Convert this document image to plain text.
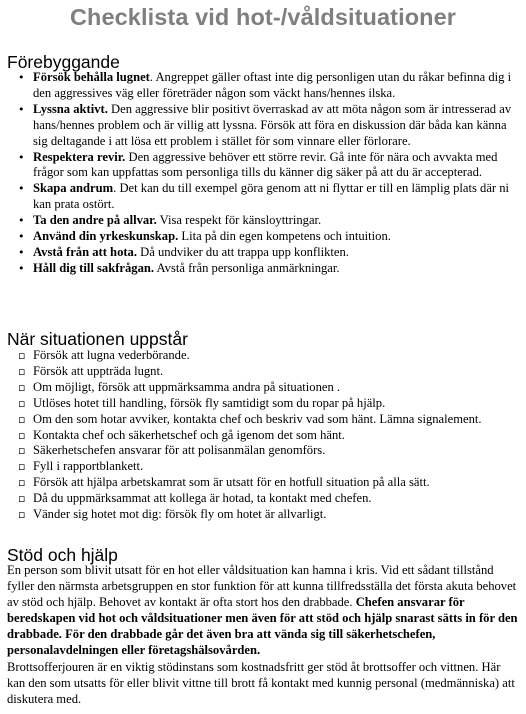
Checklista vid hot-/våldsituationer
Förebyggande
• Försök behålla lugnet. Angreppet gäller oftast inte dig personligen utan du råkar befinna dig i den aggressives väg eller företräder någon som väckt hans/hennes ilska.
• Lyssna aktivt. Den aggressive blir positivt överraskad av att möta någon som är intresserad av hans/hennes problem och är villig att lyssna. Försök att föra en diskussion där båda kan känna sig deltagande i att lösa ett problem i stället för som vinnare eller förlorare.
• Respektera revir. Den aggressive behöver ett större revir. Gå inte för nära och avvakta med frågor som kan uppfattas som personliga tills du känner dig säker på att du är accepterad.
• Skapa andrum. Det kan du till exempel göra genom att ni flyttar er till en lämplig plats där ni kan prata ostört.
• Ta den andre på allvar. Visa respekt för känsloyttringar.
• Använd din yrkeskunskap. Lita på din egen kompetens och intuition.
• Avstå från att hota. Då undviker du att trappa upp konflikten.
• Håll dig till sakfrågan. Avstå från personliga anmärkningar.
När situationen uppstår
▫ Försök att lugna vederbörande.
▫ Försök att uppträda lugnt.
▫ Om möjligt, försök att uppmärksamma andra på situationen .
▫ Utlöses hotet till handling, försök fly samtidigt som du ropar på hjälp.
▫ Om den som hotar avviker, kontakta chef och beskriv vad som hänt. Lämna signalement.
▫ Kontakta chef och säkerhetschef och gå igenom det som hänt.
▫ Säkerhetschefen ansvarar för att polisanmälan genomförs.
▫ Fyll i rapportblankett.
▫ Försök att hjälpa arbetskamrat som är utsatt för en hotfull situation på alla sätt.
▫ Då du uppmärksammat att kollega är hotad, ta kontakt med chefen.
▫ Vänder sig hotet mot dig: försök fly om hotet är allvarligt.
Stöd och hjälp

En person som blivit utsatt för en hot eller våldsituation kan hamna i kris. Vid ett sådant tillstånd fyller den närmsta arbetsgruppen en stor funktion för att kunna tillfredsställa det första akuta behovet av stöd och hjälp. Behovet av kontakt är ofta stort hos den drabbade. Chefen ansvarar för beredskapen vid hot och våldsituationer men även för att stöd och hjälp snarast sätts in för den drabbade. För den drabbade går det även bra att vända sig till säkerhetschefen, personalavdelningen eller företagshälsovården.

Brottsofferjouren är en viktig stödinstans som kostnadsfritt ger stöd åt brottsoffer och vittnen. Här kan den som utsatts för eller blivit vittne till brott få kontakt med kunnig personal (medmänniska) att diskutera med.
